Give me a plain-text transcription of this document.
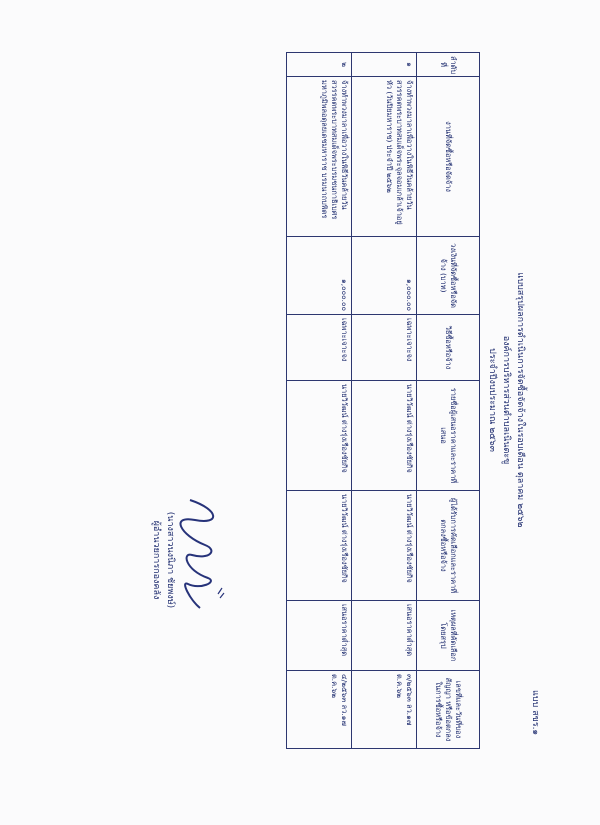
แบบ สขร.๑
แบบสรุปผลการดำเนินการจัดซื้อจัดจ้างในรอบเดือน ตุลาคม ๒๕๖๒
องค์การบริหารส่วนตำบลเนินตะขู
ประจำปีงบประมาณ ๒๕๖๓
ลำดับที่	งานที่จัดซื้อหรือจัดจ้าง	วงเงินที่จัดซื้อหรือจัดจ้าง (บาท)	วิธีซื้อหรือจ้าง	รายชื่อผู้เสนอราคาและราคาที่เสนอ	ผู้ได้รับการคัดเลือกและราคาที่ตกลงซื้อหรือจ้าง	เหตุผลที่คัดเลือกโดยสรุป	เลขที่และวันที่ของสัญญา หรือข้อตกลงในการซื้อหรือจ้าง
๑	จ้างทำพวงมาลาเพื่อวางในพิธีวันคล้ายวันสวรรคตพระบาทสมเด็จพระจุลจอมเกล้าเจ้าอยู่หัว (วันปิยมหาราช) ประจำปี ๒๕๖๒	๑,๐๐๐.๐๐	เฉพาะเจาะจง	นายวิวัฒน์ ต่างรุ่งเรืองชัยกิจ	นายวิวัฒน์ ต่างรุ่งเรืองชัยกิจ	เสนอราคาต่ำสุด	๓/๒๕๖๓ ลว.๑๗ ต.ค.๖๒
๒	จ้างทำพวงมาลาเพื่อวางในพิธีวันคล้ายวันสวรรคตพระบาทสมเด็จพระบรมชนกาธิเบศร มหาภูมิพลอดุลยเดชมหาราช บรมนาถบพิตร	๑,๐๐๐.๐๐	เฉพาะเจาะจง	นายวิวัฒน์ ต่างรุ่งเรืองชัยกิจ	นายวิวัฒน์ ต่างรุ่งเรืองชัยกิจ	เสนอราคาต่ำสุด	๔/๒๕๖๓ ลว.๑๗ ต.ค.๖๒
(นางสาวนงนิภา ชัยพงษ์)
ผู้อำนวยการกองคลัง
